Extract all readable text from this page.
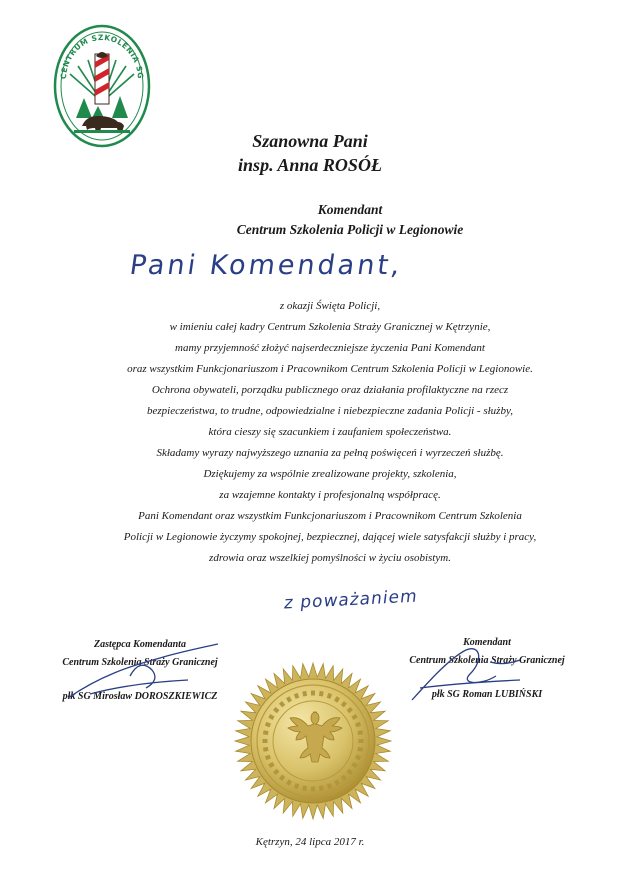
CENTRUM SZKOLENIA SG
Szanowna Pani
insp. Anna ROSÓŁ
Komendant
Centrum Szkolenia Policji w Legionowie
Pani Komendant,
z okazji Święta Policji,
w imieniu całej kadry Centrum Szkolenia Straży Granicznej w Kętrzynie,
mamy przyjemność złożyć najserdeczniejsze życzenia Pani Komendant
oraz wszystkim Funkcjonariuszom i Pracownikom Centrum Szkolenia Policji w Legionowie.
Ochrona obywateli, porządku publicznego oraz działania profilaktyczne na rzecz
bezpieczeństwa, to trudne, odpowiedzialne i niebezpieczne zadania Policji - służby,
która cieszy się szacunkiem i zaufaniem społeczeństwa.
Składamy wyrazy najwyższego uznania za pełną poświęceń i wyrzeczeń służbę.
Dziękujemy za wspólnie zrealizowane projekty, szkolenia,
za wzajemne kontakty i profesjonalną współpracę.
Pani Komendant oraz wszystkim Funkcjonariuszom i Pracownikom Centrum Szkolenia
Policji w Legionowie życzymy spokojnej, bezpiecznej, dającej wiele satysfakcji służby i pracy,
zdrowia oraz wszelkiej pomyślności w życiu osobistym.
z poważaniem
Zastępca Komendanta
Centrum Szkolenia Straży Granicznej
płk SG Mirosław DOROSZKIEWICZ
Komendant
Centrum Szkolenia Straży Granicznej
płk SG Roman LUBIŃSKI
Kętrzyn, 24 lipca 2017 r.
